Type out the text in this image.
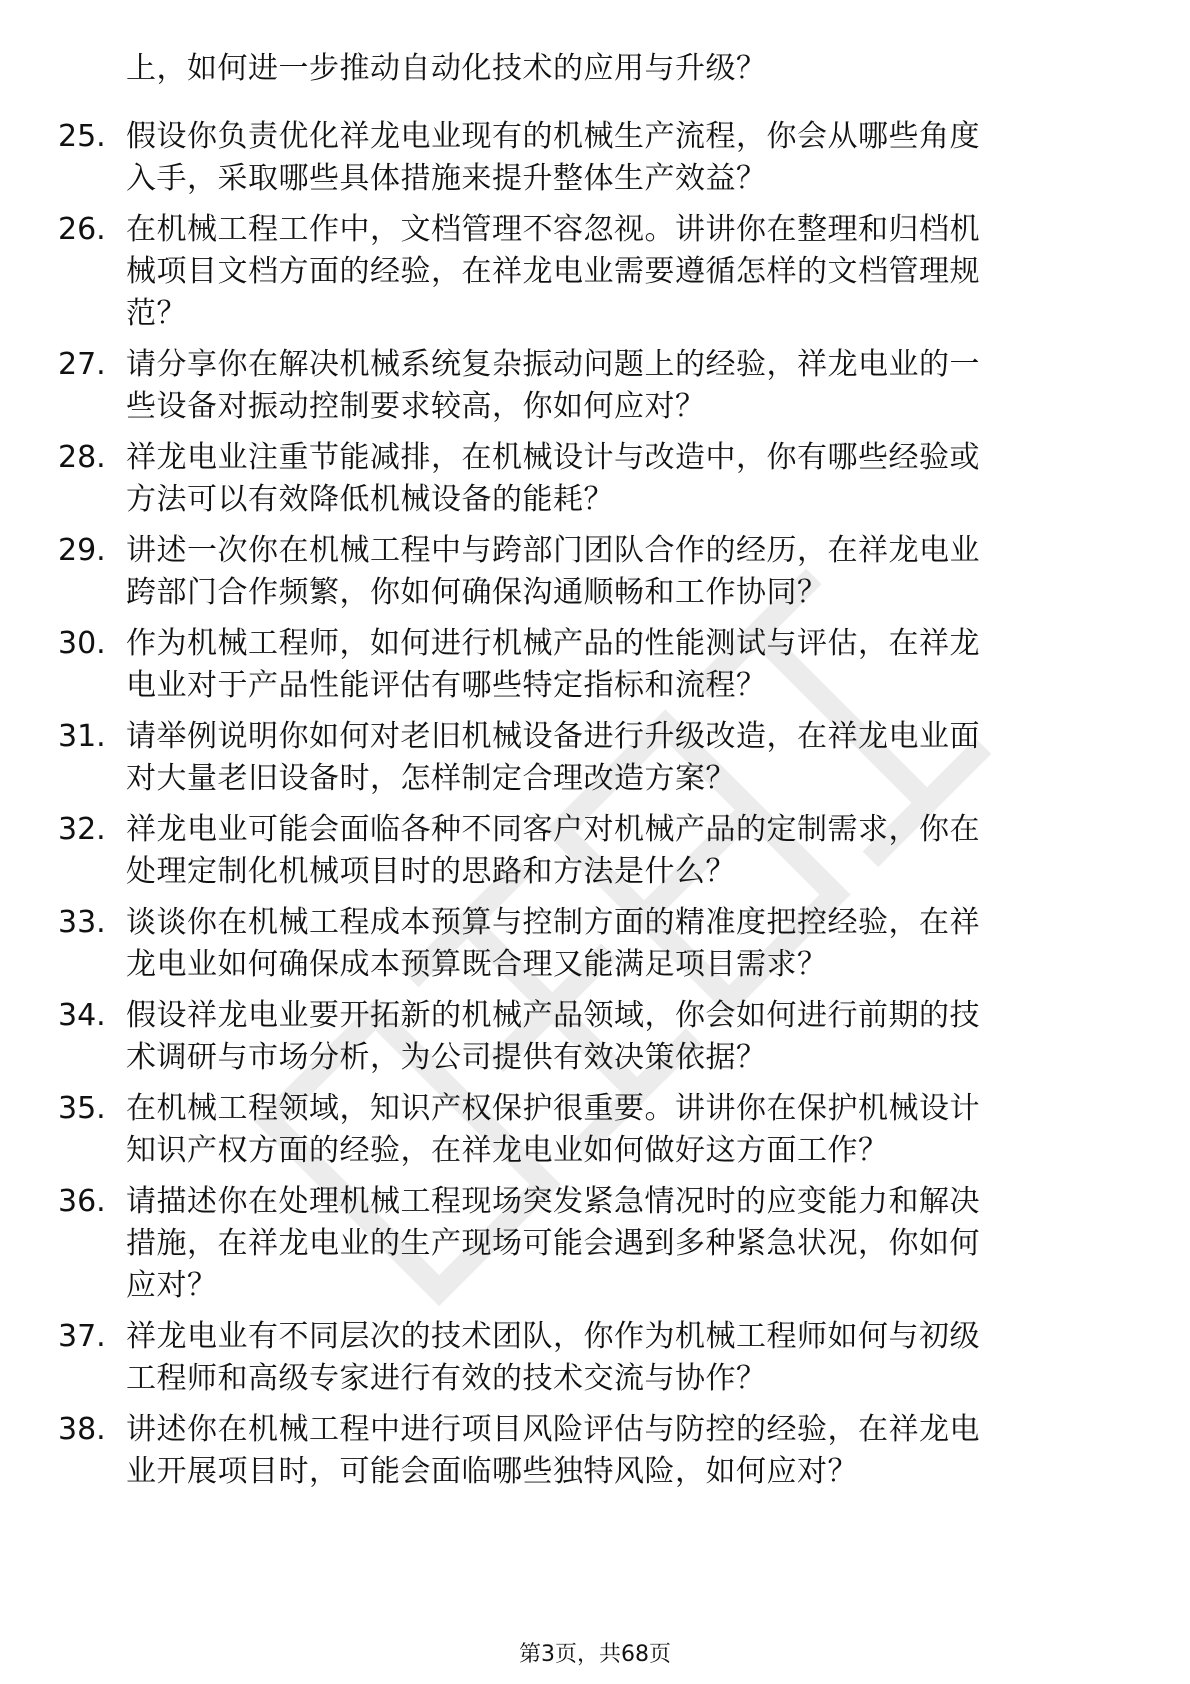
上，如何进一步推动自动化技术的应用与升级？
25. 假设你负责优化祥龙电业现有的机械生产流程，你会从哪些角度
入手，采取哪些具体措施来提升整体生产效益？
26. 在机械工程工作中，文档管理不容忽视。讲讲你在整理和归档机
械项目文档方面的经验，在祥龙电业需要遵循怎样的文档管理规
范？
27. 请分享你在解决机械系统复杂振动问题上的经验，祥龙电业的一
些设备对振动控制要求较高，你如何应对？
28. 祥龙电业注重节能减排，在机械设计与改造中，你有哪些经验或
方法可以有效降低机械设备的能耗？
29. 讲述一次你在机械工程中与跨部门团队合作的经历，在祥龙电业
跨部门合作频繁，你如何确保沟通顺畅和工作协同？
30. 作为机械工程师，如何进行机械产品的性能测试与评估，在祥龙
电业对于产品性能评估有哪些特定指标和流程？
31. 请举例说明你如何对老旧机械设备进行升级改造，在祥龙电业面
对大量老旧设备时，怎样制定合理改造方案？
32. 祥龙电业可能会面临各种不同客户对机械产品的定制需求，你在
处理定制化机械项目时的思路和方法是什么？
33. 谈谈你在机械工程成本预算与控制方面的精准度把控经验，在祥
龙电业如何确保成本预算既合理又能满足项目需求？
34. 假设祥龙电业要开拓新的机械产品领域，你会如何进行前期的技
术调研与市场分析，为公司提供有效决策依据？
35. 在机械工程领域，知识产权保护很重要。讲讲你在保护机械设计
知识产权方面的经验，在祥龙电业如何做好这方面工作？
36. 请描述你在处理机械工程现场突发紧急情况时的应变能力和解决
措施，在祥龙电业的生产现场可能会遇到多种紧急状况，你如何
应对？
37. 祥龙电业有不同层次的技术团队，你作为机械工程师如何与初级
工程师和高级专家进行有效的技术交流与协作？
38. 讲述你在机械工程中进行项目风险评估与防控的经验，在祥龙电
业开展项目时，可能会面临哪些独特风险，如何应对？
第3页，共68页
